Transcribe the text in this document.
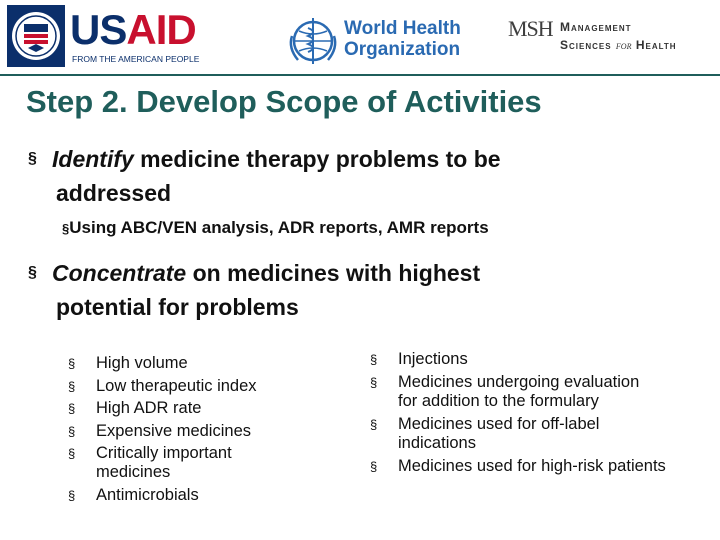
USAID
FROM THE AMERICAN PEOPLE
World Health
Organization
MSH Management
Sciences for Health
Step 2. Develop Scope of Activities
§ Identify medicine therapy problems to be
addressed
§Using ABC/VEN analysis, ADR reports, AMR reports
§ Concentrate on medicines with highest
potential for problems
§ High volume
§ Low therapeutic index
§ High ADR rate
§ Expensive medicines
§ Critically important medicines
§ Antimicrobials
§ Injections
§ Medicines undergoing evaluation for addition to the formulary
§ Medicines used for off-label indications
§ Medicines used for high-risk patients
